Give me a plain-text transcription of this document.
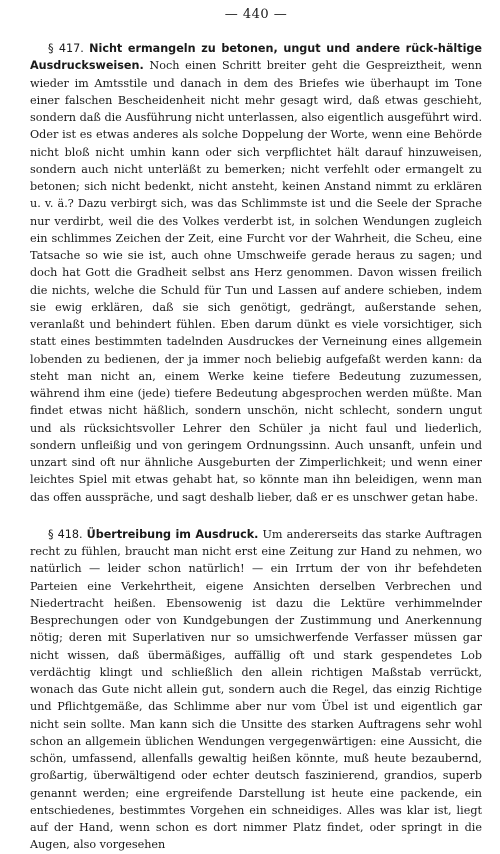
— 440 —

§ 417. Nicht ermangeln zu betonen, ungut und andere rück-hältige Ausdrucksweisen. Noch einen Schritt breiter geht die Gespreiztheit, wenn wieder im Amtsstile und danach in dem des Briefes wie überhaupt im Tone einer falschen Bescheidenheit nicht mehr gesagt wird, daß etwas geschieht, sondern daß die Ausführung nicht unterlassen, also eigentlich ausgeführt wird. Oder ist es etwas anderes als solche Doppelung der Worte, wenn eine Behörde nicht bloß nicht umhin kann oder sich verpflichtet hält darauf hinzuweisen, sondern auch nicht unterläßt zu bemerken; nicht verfehlt oder ermangelt zu betonen; sich nicht bedenkt, nicht ansteht, keinen Anstand nimmt zu erklären u. v. ä.? Dazu verbirgt sich, was das Schlimmste ist und die Seele der Sprache nur verdirbt, weil die des Volkes verderbt ist, in solchen Wendungen zugleich ein schlimmes Zeichen der Zeit, eine Furcht vor der Wahrheit, die Scheu, eine Tatsache so wie sie ist, auch ohne Umschweife gerade heraus zu sagen; und doch hat Gott die Gradheit selbst ans Herz genommen. Davon wissen freilich die nichts, welche die Schuld für Tun und Lassen auf andere schieben, indem sie ewig erklären, daß sie sich genötigt, gedrängt, außerstande sehen, veranlaßt und behindert fühlen. Eben darum dünkt es viele vorsichtiger, sich statt eines bestimmten tadelnden Ausdruckes der Verneinung eines allgemein lobenden zu bedienen, der ja immer noch beliebig aufgefaßt werden kann: da steht man nicht an, einem Werke keine tiefere Bedeutung zuzumessen, während ihm eine (jede) tiefere Bedeutung abgesprochen werden müßte. Man findet etwas nicht häßlich, sondern unschön, nicht schlecht, sondern ungut und als rücksichtsvoller Lehrer den Schüler ja nicht faul und liederlich, sondern unfleißig und von geringem Ordnungssinn. Auch unsanft, unfein und unzart sind oft nur ähnliche Ausgeburten der Zimperlichkeit; und wenn einer leichtes Spiel mit etwas gehabt hat, so könnte man ihn beleidigen, wenn man das offen ausspräche, und sagt deshalb lieber, daß er es unschwer getan habe.

§ 418. Übertreibung im Ausdruck. Um andererseits das starke Auftragen recht zu fühlen, braucht man nicht erst eine Zeitung zur Hand zu nehmen, wo natürlich — leider schon natürlich! — ein Irrtum der von ihr befehdeten Parteien eine Verkehrtheit, eigene Ansichten derselben Verbrechen und Niedertracht heißen. Ebensowenig ist dazu die Lektüre verhimmelnder Besprechungen oder von Kundgebungen der Zustimmung und Anerkennung nötig; deren mit Superlativen nur so umsichwerfende Verfasser müssen gar nicht wissen, daß übermäßiges, auffällig oft und stark gespendetes Lob verdächtig klingt und schließlich den allein richtigen Maßstab verrückt, wonach das Gute nicht allein gut, sondern auch die Regel, das einzig Richtige und Pflichtgemäße, das Schlimme aber nur vom Übel ist und eigentlich gar nicht sein sollte. Man kann sich die Unsitte des starken Auftragens sehr wohl schon an allgemein üblichen Wendungen vergegenwärtigen: eine Aussicht, die schön, umfassend, allenfalls gewaltig heißen könnte, muß heute bezaubernd, großartig, überwältigend oder echter deutsch faszinierend, grandios, superb genannt werden; eine ergreifende Darstellung ist heute eine packende, ein entschiedenes, bestimmtes Vorgehen ein schneidiges. Alles was klar ist, liegt auf der Hand, wenn schon es dort nimmer Platz findet, oder springt in die Augen, also vorgesehen
